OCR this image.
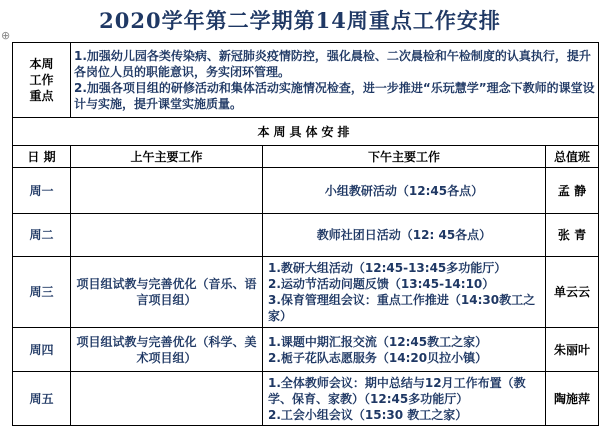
2020学年第二学期第14周重点工作安排
⊕
本周工作重点	1.加强幼儿园各类传染病、新冠肺炎疫情防控，强化晨检、二次晨检和午检制度的认真执行，提升各岗位人员的职能意识，务实闭环管理。
2.加强各项目组的研修活动和集体活动实施情况检查，进一步推进“乐玩慧学”理念下教师的课堂设计与实施，提升课堂实施质量。		

本周具体安排			
日 期	上午主要工作	下午主要工作	总值班
周一		小组教研活动（12:45各点）	孟 静
周二		教师社团日活动（12: 45各点）	张 青
周三	项目组试教与完善优化（音乐、语言项目组）	1.教研大组活动（12:45-13:45多功能厅）
2.运动节活动问题反馈（13:45-14:10）
3.保育管理组会议：重点工作推进（14:30教工之家）	单云云
周四	项目组试教与完善优化（科学、美术项目组）	1.课题中期汇报交流（12:45教工之家）
2.栀子花队志愿服务（14:20贝拉小镇）	朱丽叶
周五		1.全体教师会议：期中总结与12月工作布置（教学、保育、家教）（12:45多功能厅）
2.工会小组会议（15:30 教工之家）	陶施萍
